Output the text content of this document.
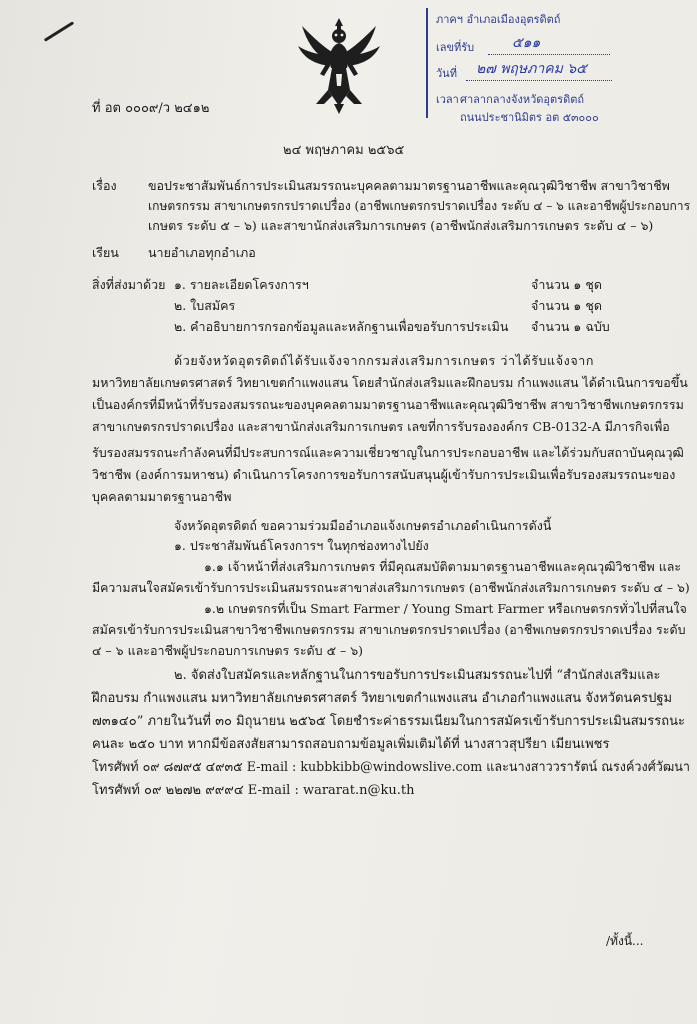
ภาคฯ อำเภอเมืองอุตรดิตถ์
เลขที่รับ	๕๑๑
วันที่ ๒๗ พฤษภาคม ๖๕
เวลา ศาลากลางจังหวัดอุตรดิตถ์
ถนนประชานิมิตร อต ๕๓๐๐๐
ที่ อต ๐๐๐๙/ว ๒๔๑๒
๒๔ พฤษภาคม ๒๕๖๕
เรื่อง	ขอประชาสัมพันธ์การประเมินสมรรถนะบุคคลตามมาตรฐานอาชีพและคุณวุฒิวิชาชีพ สาขาวิชาชีพ
เกษตรกรรม สาขาเกษตรกรปราดเปรื่อง (อาชีพเกษตรกรปราดเปรื่อง ระดับ ๔ – ๖ และอาชีพผู้ประกอบการ
เกษตร ระดับ ๕ – ๖) และสาขานักส่งเสริมการเกษตร (อาชีพนักส่งเสริมการเกษตร ระดับ ๔ – ๖)
เรียน นายอำเภอทุกอำเภอ
สิ่งที่ส่งมาด้วย ๑. รายละเอียดโครงการฯ	จำนวน ๑ ชุด
๒. ใบสมัคร	จำนวน ๑ ชุด
๒. คำอธิบายการกรอกข้อมูลและหลักฐานเพื่อขอรับการประเมิน จำนวน ๑ ฉบับ
ด้วยจังหวัดอุตรดิตถ์ได้รับแจ้งจากกรมส่งเสริมการเกษตร ว่าได้รับแจ้งจาก
มหาวิทยาลัยเกษตรศาสตร์ วิทยาเขตกำแพงแสน โดยสำนักส่งเสริมและฝึกอบรม กำแพงแสน ได้ดำเนินการขอขึ้น
เป็นองค์กรที่มีหน้าที่รับรองสมรรถนะของบุคคลตามมาตรฐานอาชีพและคุณวุฒิวิชาชีพ สาขาวิชาชีพเกษตรกรรม
สาขาเกษตรกรปราดเปรื่อง และสาขานักส่งเสริมการเกษตร เลขที่การรับรององค์กร CB-0132-A มีภารกิจเพื่อ
รับรองสมรรถนะกำลังคนที่มีประสบการณ์และความเชี่ยวชาญในการประกอบอาชีพ และได้ร่วมกับสถาบันคุณวุฒิ
วิชาชีพ (องค์การมหาชน) ดำเนินการโครงการขอรับการสนับสนุนผู้เข้ารับการประเมินเพื่อรับรองสมรรถนะของ
บุคคลตามมาตรฐานอาชีพ
จังหวัดอุตรดิตถ์ ขอความร่วมมืออำเภอแจ้งเกษตรอำเภอดำเนินการดังนี้
๑. ประชาสัมพันธ์โครงการฯ ในทุกช่องทางไปยัง
๑.๑ เจ้าหน้าที่ส่งเสริมการเกษตร ที่มีคุณสมบัติตามมาตรฐานอาชีพและคุณวุฒิวิชาชีพ และ
มีความสนใจสมัครเข้ารับการประเมินสมรรถนะสาขาส่งเสริมการเกษตร (อาชีพนักส่งเสริมการเกษตร ระดับ ๔ – ๖)
๑.๒ เกษตรกรที่เป็น Smart Farmer / Young Smart Farmer หรือเกษตรกรทั่วไปที่สนใจ
สมัครเข้ารับการประเมินสาขาวิชาชีพเกษตรกรรม สาขาเกษตรกรปราดเปรื่อง (อาชีพเกษตรกรปราดเปรื่อง ระดับ
๔ – ๖ และอาชีพผู้ประกอบการเกษตร ระดับ ๕ – ๖)
๒. จัดส่งใบสมัครและหลักฐานในการขอรับการประเมินสมรรถนะไปที่ “สำนักส่งเสริมและ
ฝึกอบรม กำแพงแสน มหาวิทยาลัยเกษตรศาสตร์ วิทยาเขตกำแพงแสน อำเภอกำแพงแสน จังหวัดนครปฐม
๗๓๑๔๐” ภายในวันที่ ๓๐ มิถุนายน ๒๕๖๕ โดยชำระค่าธรรมเนียมในการสมัครเข้ารับการประเมินสมรรถนะ
คนละ ๒๕๐ บาท หากมีข้อสงสัยสามารถสอบถามข้อมูลเพิ่มเติมได้ที่ นางสาวสุปรียา เมียนเพชร
โทรศัพท์ ๐๙ ๘๗๙๕ ๔๙๓๕ E-mail : kubbkibb@windowslive.com และนางสาววรารัตน์ ณรงค์วงศ์วัฒนา
โทรศัพท์ ๐๙ ๒๒๗๒ ๙๙๙๔ E-mail : wararat.n@ku.th
/ทั้งนี้...
